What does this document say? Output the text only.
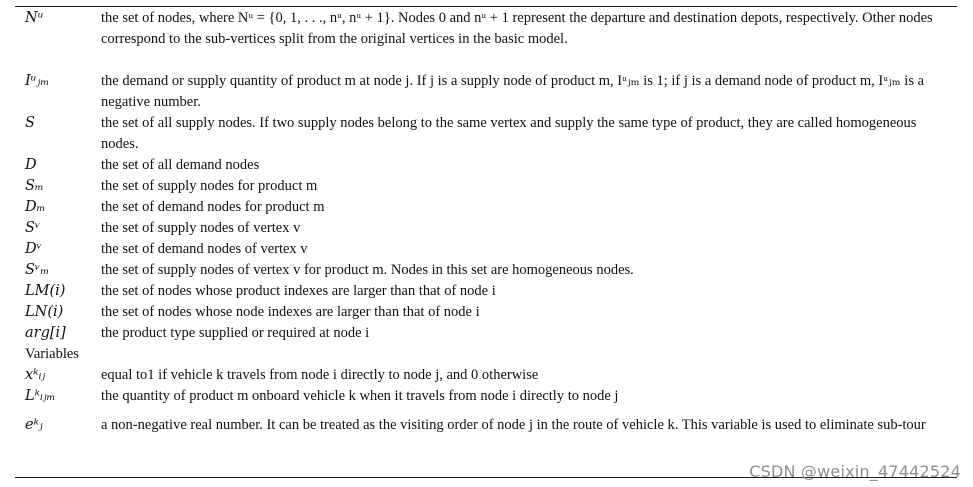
Nᵘ	the set of nodes, where Nᵘ = {0, 1, . . ., nᵘ, nᵘ + 1}. Nodes 0 and nᵘ + 1 represent the departure and destination depots, respectively. Other nodes correspond to the sub-vertices split from the original vertices in the basic model.
Iᵘⱼₘ	the demand or supply quantity of product m at node j. If j is a supply node of product m, Iᵘⱼₘ is 1; if j is a demand node of product m, Iᵘⱼₘ is a negative number.
S	the set of all supply nodes. If two supply nodes belong to the same vertex and supply the same type of product, they are called homogeneous nodes.
D	the set of all demand nodes
Sₘ	the set of supply nodes for product m
Dₘ	the set of demand nodes for product m
Sᵛ	the set of supply nodes of vertex v
Dᵛ	the set of demand nodes of vertex v
Sᵛₘ	the set of supply nodes of vertex v for product m. Nodes in this set are homogeneous nodes.
LM(i)	the set of nodes whose product indexes are larger than that of node i
LN(i)	the set of nodes whose node indexes are larger than that of node i
arg[i]	the product type supplied or required at node i
Variables
xᵏᵢⱼ	equal to1 if vehicle k travels from node i directly to node j, and 0 otherwise
Lᵏᵢⱼₘ	the quantity of product m onboard vehicle k when it travels from node i directly to node j
eᵏⱼ	a non-negative real number. It can be treated as the visiting order of node j in the route of vehicle k. This variable is used to eliminate sub-tour
CSDN @weixin_47442524
